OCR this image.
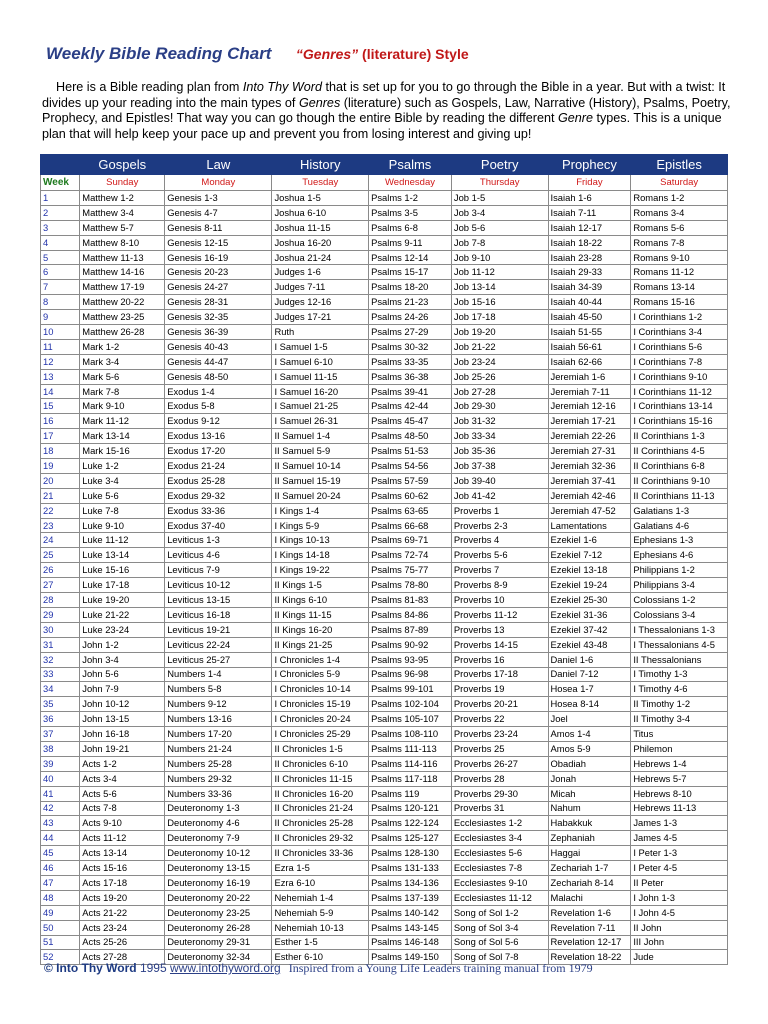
Weekly Bible Reading Chart “Genres” (literature) Style
Here is a Bible reading plan from Into Thy Word that is set up for you to go through the Bible in a year. But with a twist: It divides up your reading into the main types of Genres (literature) such as Gospels, Law, Narrative (History), Psalms, Poetry, Prophecy, and Epistles! That way you can go though the entire Bible by reading the different Genre types. This is a unique plan that will help keep your pace up and prevent you from losing interest and giving up!
	Gospels	Law	History	Psalms	Poetry	Prophecy	Epistles
Week	Sunday	Monday	Tuesday	Wednesday	Thursday	Friday	Saturday
1	Matthew 1-2	Genesis 1-3	Joshua 1-5	Psalms 1-2	Job 1-5	Isaiah 1-6	Romans 1-2
2	Matthew 3-4	Genesis 4-7	Joshua 6-10	Psalms 3-5	Job 3-4	Isaiah 7-11	Romans 3-4
3	Matthew 5-7	Genesis 8-11	Joshua 11-15	Psalms 6-8	Job 5-6	Isaiah 12-17	Romans 5-6
4	Matthew 8-10	Genesis 12-15	Joshua 16-20	Psalms 9-11	Job 7-8	Isaiah 18-22	Romans 7-8
5	Matthew 11-13	Genesis 16-19	Joshua 21-24	Psalms 12-14	Job 9-10	Isaiah 23-28	Romans 9-10
6	Matthew 14-16	Genesis 20-23	Judges 1-6	Psalms 15-17	Job 11-12	Isaiah 29-33	Romans 11-12
7	Matthew 17-19	Genesis 24-27	Judges 7-11	Psalms 18-20	Job 13-14	Isaiah 34-39	Romans 13-14
8	Matthew 20-22	Genesis 28-31	Judges 12-16	Psalms 21-23	Job 15-16	Isaiah 40-44	Romans 15-16
9	Matthew 23-25	Genesis 32-35	Judges 17-21	Psalms 24-26	Job 17-18	Isaiah 45-50	I Corinthians 1-2
10	Matthew 26-28	Genesis 36-39	Ruth	Psalms 27-29	Job 19-20	Isaiah 51-55	I Corinthians 3-4
11	Mark 1-2	Genesis 40-43	I Samuel 1-5	Psalms 30-32	Job 21-22	Isaiah 56-61	I Corinthians 5-6
12	Mark 3-4	Genesis 44-47	I Samuel 6-10	Psalms 33-35	Job 23-24	Isaiah 62-66	I Corinthians 7-8
13	Mark 5-6	Genesis 48-50	I Samuel 11-15	Psalms 36-38	Job 25-26	Jeremiah 1-6	I Corinthians 9-10
14	Mark 7-8	Exodus 1-4	I Samuel 16-20	Psalms 39-41	Job 27-28	Jeremiah 7-11	I Corinthians 11-12
15	Mark 9-10	Exodus 5-8	I Samuel 21-25	Psalms 42-44	Job 29-30	Jeremiah 12-16	I Corinthians 13-14
16	Mark 11-12	Exodus 9-12	I Samuel 26-31	Psalms 45-47	Job 31-32	Jeremiah 17-21	I Corinthians 15-16
17	Mark 13-14	Exodus 13-16	II Samuel 1-4	Psalms 48-50	Job 33-34	Jeremiah 22-26	II Corinthians 1-3
18	Mark 15-16	Exodus 17-20	II Samuel 5-9	Psalms 51-53	Job 35-36	Jeremiah 27-31	II Corinthians 4-5
19	Luke 1-2	Exodus 21-24	II Samuel 10-14	Psalms 54-56	Job 37-38	Jeremiah 32-36	II Corinthians 6-8
20	Luke 3-4	Exodus 25-28	II Samuel 15-19	Psalms 57-59	Job 39-40	Jeremiah 37-41	II Corinthians 9-10
21	Luke 5-6	Exodus 29-32	II Samuel 20-24	Psalms 60-62	Job 41-42	Jeremiah 42-46	II Corinthians 11-13
22	Luke 7-8	Exodus 33-36	I Kings 1-4	Psalms 63-65	Proverbs 1	Jeremiah 47-52	Galatians 1-3
23	Luke 9-10	Exodus 37-40	I Kings 5-9	Psalms 66-68	Proverbs 2-3	Lamentations	Galatians 4-6
24	Luke 11-12	Leviticus 1-3	I Kings 10-13	Psalms 69-71	Proverbs 4	Ezekiel 1-6	Ephesians 1-3
25	Luke 13-14	Leviticus 4-6	I Kings 14-18	Psalms 72-74	Proverbs 5-6	Ezekiel 7-12	Ephesians 4-6
26	Luke 15-16	Leviticus 7-9	I Kings 19-22	Psalms 75-77	Proverbs 7	Ezekiel 13-18	Philippians 1-2
27	Luke 17-18	Leviticus 10-12	II Kings 1-5	Psalms 78-80	Proverbs 8-9	Ezekiel 19-24	Philippians 3-4
28	Luke 19-20	Leviticus 13-15	II Kings 6-10	Psalms 81-83	Proverbs 10	Ezekiel 25-30	Colossians 1-2
29	Luke 21-22	Leviticus 16-18	II Kings 11-15	Psalms 84-86	Proverbs 11-12	Ezekiel 31-36	Colossians 3-4
30	Luke 23-24	Leviticus 19-21	II Kings 16-20	Psalms 87-89	Proverbs 13	Ezekiel 37-42	I Thessalonians 1-3
31	John 1-2	Leviticus 22-24	II Kings 21-25	Psalms 90-92	Proverbs 14-15	Ezekiel 43-48	I Thessalonians 4-5
32	John 3-4	Leviticus 25-27	I Chronicles 1-4	Psalms 93-95	Proverbs 16	Daniel 1-6	II Thessalonians
33	John 5-6	Numbers 1-4	I Chronicles 5-9	Psalms 96-98	Proverbs 17-18	Daniel 7-12	I Timothy 1-3
34	John 7-9	Numbers 5-8	I Chronicles 10-14	Psalms 99-101	Proverbs 19	Hosea 1-7	I Timothy 4-6
35	John 10-12	Numbers 9-12	I Chronicles 15-19	Psalms 102-104	Proverbs 20-21	Hosea 8-14	II Timothy 1-2
36	John 13-15	Numbers 13-16	I Chronicles 20-24	Psalms 105-107	Proverbs 22	Joel	II Timothy 3-4
37	John 16-18	Numbers 17-20	I Chronicles 25-29	Psalms 108-110	Proverbs 23-24	Amos 1-4	Titus
38	John 19-21	Numbers 21-24	II Chronicles 1-5	Psalms 111-113	Proverbs 25	Amos 5-9	Philemon
39	Acts 1-2	Numbers 25-28	II Chronicles 6-10	Psalms 114-116	Proverbs 26-27	Obadiah	Hebrews 1-4
40	Acts 3-4	Numbers 29-32	II Chronicles 11-15	Psalms 117-118	Proverbs 28	Jonah	Hebrews 5-7
41	Acts 5-6	Numbers 33-36	II Chronicles 16-20	Psalms 119	Proverbs 29-30	Micah	Hebrews 8-10
42	Acts 7-8	Deuteronomy 1-3	II Chronicles 21-24	Psalms 120-121	Proverbs 31	Nahum	Hebrews 11-13
43	Acts 9-10	Deuteronomy 4-6	II Chronicles 25-28	Psalms 122-124	Ecclesiastes 1-2	Habakkuk	James 1-3
44	Acts 11-12	Deuteronomy 7-9	II Chronicles 29-32	Psalms 125-127	Ecclesiastes 3-4	Zephaniah	James 4-5
45	Acts 13-14	Deuteronomy 10-12	II Chronicles 33-36	Psalms 128-130	Ecclesiastes 5-6	Haggai	I Peter 1-3
46	Acts 15-16	Deuteronomy 13-15	Ezra 1-5	Psalms 131-133	Ecclesiastes 7-8	Zechariah 1-7	I Peter 4-5
47	Acts 17-18	Deuteronomy 16-19	Ezra 6-10	Psalms 134-136	Ecclesiastes 9-10	Zechariah 8-14	II Peter
48	Acts 19-20	Deuteronomy 20-22	Nehemiah 1-4	Psalms 137-139	Ecclesiastes 11-12	Malachi	I John 1-3
49	Acts 21-22	Deuteronomy 23-25	Nehemiah 5-9	Psalms 140-142	Song of Sol 1-2	Revelation 1-6	I John 4-5
50	Acts 23-24	Deuteronomy 26-28	Nehemiah 10-13	Psalms 143-145	Song of Sol 3-4	Revelation 7-11	II John
51	Acts 25-26	Deuteronomy 29-31	Esther 1-5	Psalms 146-148	Song of Sol 5-6	Revelation 12-17	III John
52	Acts 27-28	Deuteronomy 32-34	Esther 6-10	Psalms 149-150	Song of Sol 7-8	Revelation 18-22	Jude
© Into Thy Word 1995 www.intothyword.org Inspired from a Young Life Leaders training manual from 1979
